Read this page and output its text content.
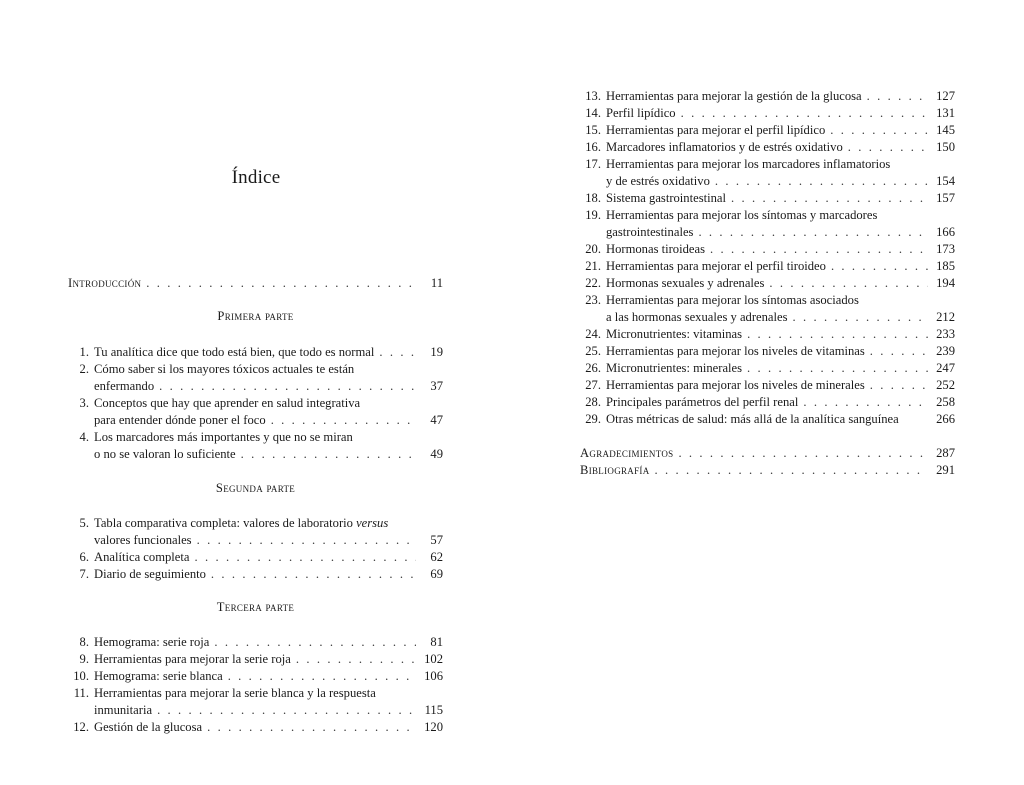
Índice
Introducción . . .	11
Primera parte
1. Tu analítica dice que todo está bien, que todo es normal . . .	19
2. Cómo saber si los mayores tóxicos actuales te están
enfermando . . .	37
3. Conceptos que hay que aprender en salud integrativa
para entender dónde poner el foco . . .	47
4. Los marcadores más importantes y que no se miran
o no se valoran lo suficiente . . .	49
Segunda parte
5. Tabla comparativa completa: valores de laboratorio versus
valores funcionales . . .	57
6. Analítica completa . . .	62
7. Diario de seguimiento . . .	69
Tercera parte
8. Hemograma: serie roja . . .	81
9. Herramientas para mejorar la serie roja . . .	102
10. Hemograma: serie blanca . . .	106
11. Herramientas para mejorar la serie blanca y la respuesta
inmunitaria . . .	115
12. Gestión de la glucosa . . .	120
13. Herramientas para mejorar la gestión de la glucosa . . .	127
14. Perfil lipídico . . .	131
15. Herramientas para mejorar el perfil lipídico . . .	145
16. Marcadores inflamatorios y de estrés oxidativo . . .	150
17. Herramientas para mejorar los marcadores inflamatorios
y de estrés oxidativo . . .	154
18. Sistema gastrointestinal . . .	157
19. Herramientas para mejorar los síntomas y marcadores
gastrointestinales . . .	166
20. Hormonas tiroideas . . .	173
21. Herramientas para mejorar el perfil tiroideo . . .	185
22. Hormonas sexuales y adrenales . . .	194
23. Herramientas para mejorar los síntomas asociados
a las hormonas sexuales y adrenales . . .	212
24. Micronutrientes: vitaminas . . .	233
25. Herramientas para mejorar los niveles de vitaminas . . .	239
26. Micronutrientes: minerales . . .	247
27. Herramientas para mejorar los niveles de minerales . . .	252
28. Principales parámetros del perfil renal . . .	258
29. Otras métricas de salud: más allá de la analítica sanguínea	266
Agradecimientos . . .	287
Bibliografía . . .	291
